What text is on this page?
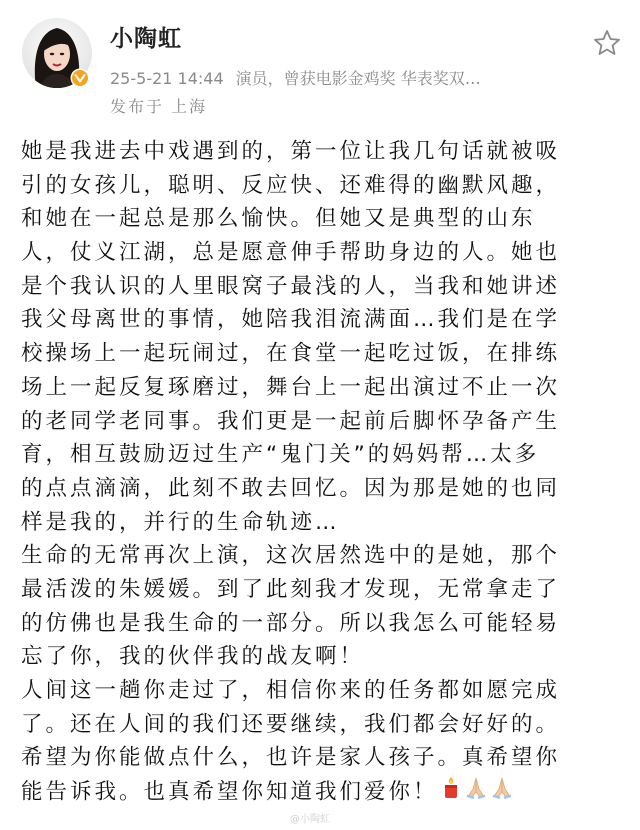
小陶虹
25-5-21 14:44 演员，曾获电影金鸡奖 华表奖双…
发布于 上海
她是我进去中戏遇到的，第一位让我几句话就被吸
引的女孩儿，聪明、反应快、还难得的幽默风趣，
和她在一起总是那么愉快。但她又是典型的山东
人，仗义江湖，总是愿意伸手帮助身边的人。她也
是个我认识的人里眼窝子最浅的人，当我和她讲述
我父母离世的事情，她陪我泪流满面…我们是在学
校操场上一起玩闹过，在食堂一起吃过饭，在排练
场上一起反复琢磨过，舞台上一起出演过不止一次
的老同学老同事。我们更是一起前后脚怀孕备产生
育，相互鼓励迈过生产“鬼门关”的妈妈帮…太多
的点点滴滴，此刻不敢去回忆。因为那是她的也同
样是我的，并行的生命轨迹…
生命的无常再次上演，这次居然选中的是她，那个
最活泼的朱媛媛。到了此刻我才发现，无常拿走了
的仿佛也是我生命的一部分。所以我怎么可能轻易
忘了你，我的伙伴我的战友啊！
人间这一趟你走过了，相信你来的任务都如愿完成
了。还在人间的我们还要继续，我们都会好好的。
希望为你能做点什么，也许是家人孩子。真希望你
能告诉我。也真希望你知道我们爱你！
@小陶虹
